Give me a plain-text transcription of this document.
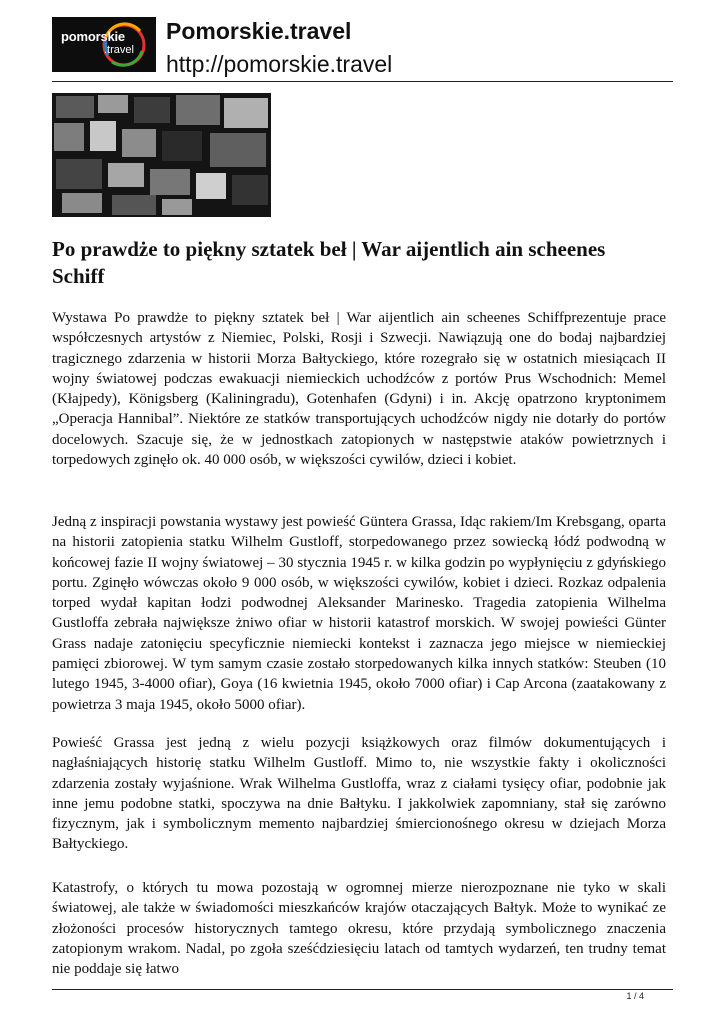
pomorskie
.travel
Pomorskie.travel
http://pomorskie.travel
Po prawdże to piękny sztatek beł | War aijentlich ain scheenes Schiff

Wystawa Po prawdże to piękny sztatek beł | War aijentlich ain scheenes Schiffprezentuje prace współczesnych artystów z Niemiec, Polski, Rosji i Szwecji. Nawiązują one do bodaj najbardziej tragicznego zdarzenia w historii Morza Bałtyckiego, które rozegrało się w ostatnich miesiącach II wojny światowej podczas ewakuacji niemieckich uchodźców z portów Prus Wschodnich: Memel (Kłajpedy), Königsberg (Kaliningradu), Gotenhafen (Gdyni) i in. Akcję opatrzono kryptonimem „Operacja Hannibal”. Niektóre ze statków transportujących uchodźców nigdy nie dotarły do portów docelowych. Szacuje się, że w jednostkach zatopionych w następstwie ataków powietrznych i torpedowych zginęło ok. 40 000 osób, w większości cywilów, dzieci i kobiet.

Jedną z inspiracji powstania wystawy jest powieść Güntera Grassa, Idąc rakiem/Im Krebsgang, oparta na historii zatopienia statku Wilhelm Gustloff, storpedowanego przez sowiecką łódź podwodną w końcowej fazie II wojny światowej – 30 stycznia 1945 r. w kilka godzin po wypłynięciu z gdyńskiego portu. Zginęło wówczas około 9 000 osób, w większości cywilów, kobiet i dzieci. Rozkaz odpalenia torped wydał kapitan łodzi podwodnej Aleksander Marinesko. Tragedia zatopienia Wilhelma Gustloffa zebrała największe żniwo ofiar w historii katastrof morskich. W swojej powieści Günter Grass nadaje zatonięciu specyficznie niemiecki kontekst i zaznacza jego miejsce w niemieckiej pamięci zbiorowej. W tym samym czasie zostało storpedowanych kilka innych statków: Steuben (10 lutego 1945, 3-4000 ofiar), Goya (16 kwietnia 1945, około 7000 ofiar) i Cap Arcona (zaatakowany z powietrza 3 maja 1945, około 5000 ofiar).

Powieść Grassa jest jedną z wielu pozycji książkowych oraz filmów dokumentujących i nagłaśniających historię statku Wilhelm Gustloff. Mimo to, nie wszystkie fakty i okoliczności zdarzenia zostały wyjaśnione. Wrak Wilhelma Gustloffa, wraz z ciałami tysięcy ofiar, podobnie jak inne jemu podobne statki, spoczywa na dnie Bałtyku. I jakkolwiek zapomniany, stał się zarówno fizycznym, jak i symbolicznym memento najbardziej śmiercionośnego okresu w dziejach Morza Bałtyckiego.

Katastrofy, o których tu mowa pozostają w ogromnej mierze nierozpoznane nie tyko w skali światowej, ale także w świadomości mieszkańców krajów otaczających Bałtyk. Może to wynikać ze złożoności procesów historycznych tamtego okresu, które przydają symbolicznego znaczenia zatopionym wrakom. Nadal, po zgoła sześćdziesięciu latach od tamtych wydarzeń, ten trudny temat nie poddaje się łatwo

1 / 4
